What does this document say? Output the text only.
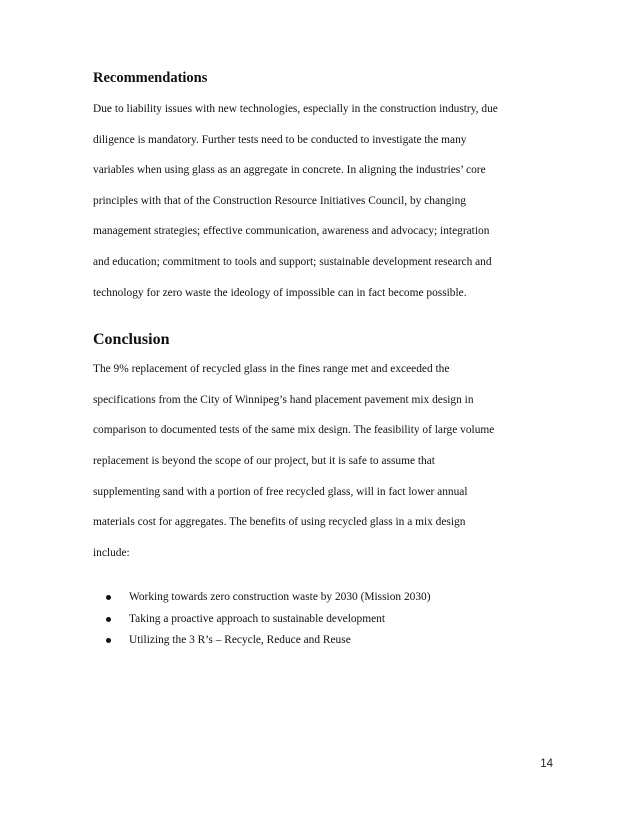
Recommendations

Due to liability issues with new technologies, especially in the construction industry, due
diligence is mandatory. Further tests need to be conducted to investigate the many
variables when using glass as an aggregate in concrete. In aligning the industries’ core
principles with that of the Construction Resource Initiatives Council, by changing
management strategies; effective communication, awareness and advocacy; integration
and education; commitment to tools and support; sustainable development research and
technology for zero waste the ideology of impossible can in fact become possible.

Conclusion

The 9% replacement of recycled glass in the fines range met and exceeded the
specifications from the City of Winnipeg’s hand placement pavement mix design in
comparison to documented tests of the same mix design. The feasibility of large volume
replacement is beyond the scope of our project, but it is safe to assume that
supplementing sand with a portion of free recycled glass, will in fact lower annual
materials cost for aggregates. The benefits of using recycled glass in a mix design
include:

Working towards zero construction waste by 2030 (Mission 2030)
Taking a proactive approach to sustainable development
Utilizing the 3 R’s – Recycle, Reduce and Reuse
14
